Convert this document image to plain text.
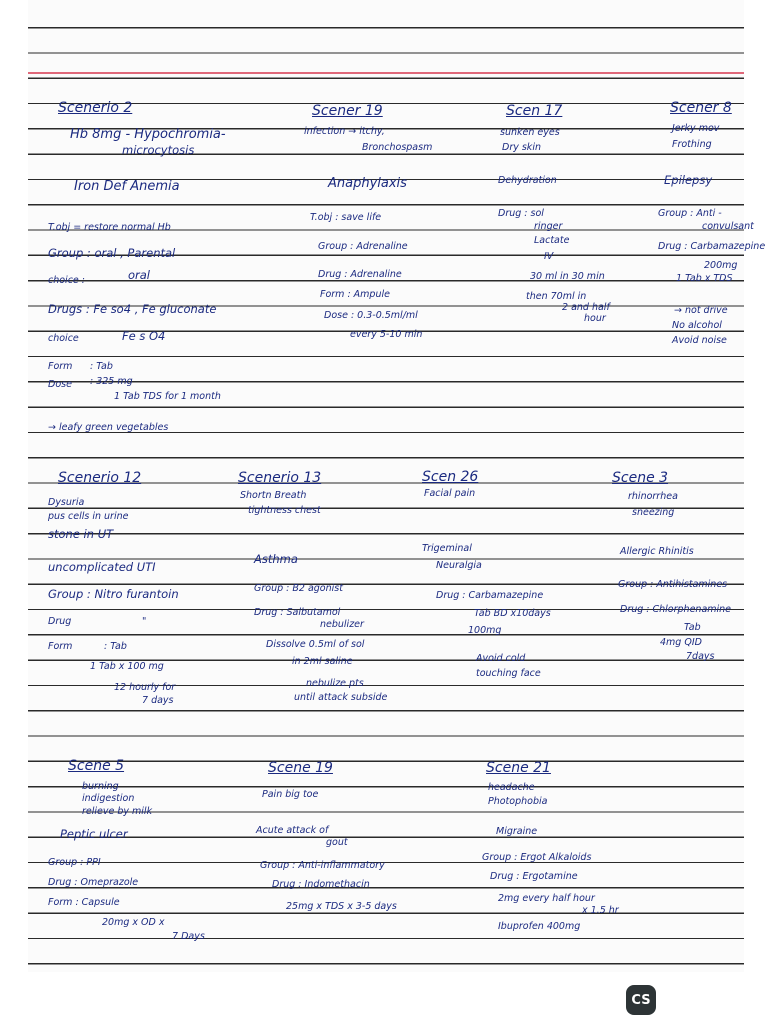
Scenerio 2
Hb 8mg - Hypochromia-
microcytosis
Iron Def Anemia
T.obj = restore normal Hb
Group : oral , Parental
choice :	oral
Drugs : Fe so4 , Fe gluconate
choice	Fe s O4
Form : Tab
Dose : 325 mg
1 Tab TDS for 1 month
→ leafy green vegetables
Scener 19
infection → itchy,
Bronchospasm
Anaphylaxis
T.obj : save life
Group : Adrenaline
Drug : Adrenaline
Form : Ampule
Dose : 0.3-0.5ml/ml
every 5-10 min
Scen 17
sunken eyes
Dry skin
Dehydration
Drug : sol
ringer
Lactate
IV
30 ml in 30 min
then 70ml in
2 and half
hour
Scener 8
Jerky mov
Frothing
Epilepsy
Group : Anti -
convulsant
Drug : Carbamazepine
200mg
1 Tab x TDS
→ not drive
No alcohol
Avoid noise
Scenerio 12
Dysuria
pus cells in urine
stone in UT
uncomplicated UTI
Group : Nitro furantoin
Drug	"
Form	: Tab
1 Tab x 100 mg
12 hourly for
7 days
Scenerio 13
Shortn Breath
tightness chest
Asthma
Group : B2 agonist
Drug : Salbutamol
nebulizer
Dissolve 0.5ml of sol
in 2ml saline
nebulize pts
until attack subside
Scen 26
Facial pain
Trigeminal
Neuralgia
Drug : Carbamazepine
Tab BD x10days
100mg
Avoid cold
touching face
Scene 3
rhinorrhea
sneezing
Allergic Rhinitis
Group : Antihistamines
Drug : Chlorphenamine
Tab
4mg QID
7days
Scene 5
burning
indigestion
relieve by milk
Peptic ulcer
Group : PPI
Drug : Omeprazole
Form : Capsule
20mg x OD x
7 Days
Scene 19
Pain big toe
Acute attack of
gout
Group : Anti-inflammatory
Drug : Indomethacin
25mg x TDS x 3-5 days
Scene 21
headache
Photophobia
Migraine
Group : Ergot Alkaloids
Drug : Ergotamine
2mg every half hour
x 1.5 hr
Ibuprofen 400mg
CS
